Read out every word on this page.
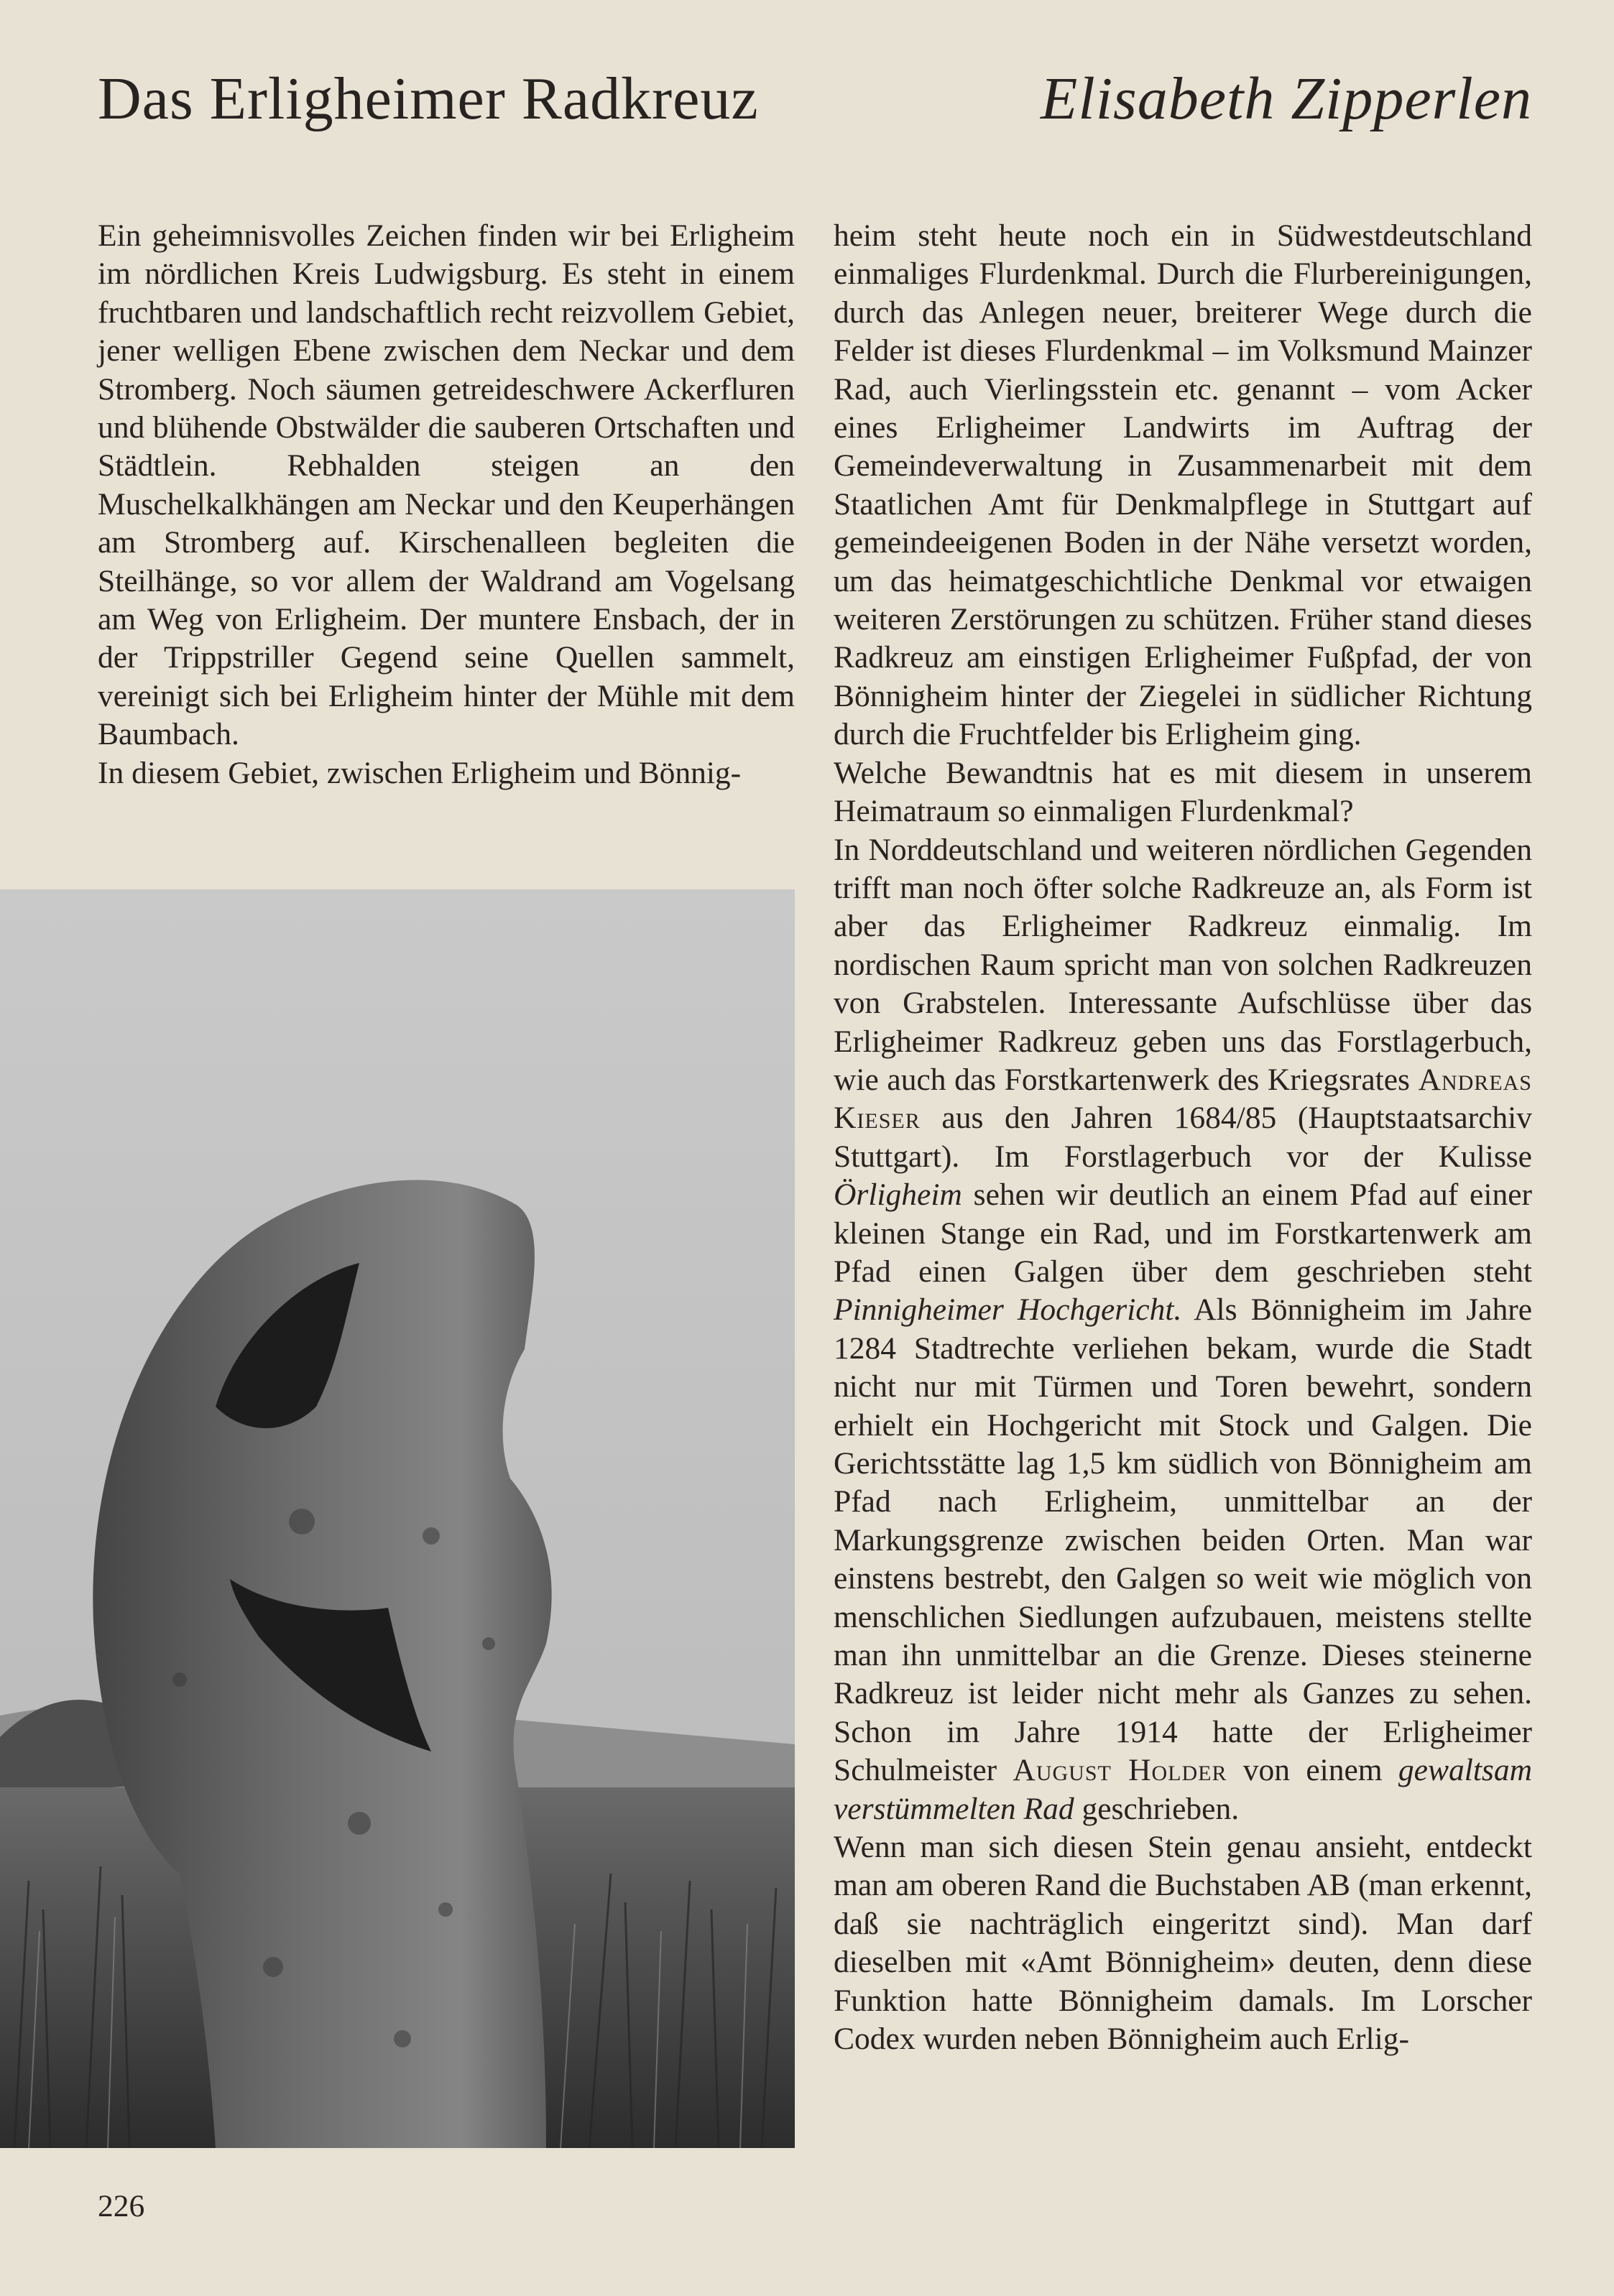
Das Erligheimer Radkreuz	Elisabeth Zipperlen

Ein geheimnisvolles Zeichen finden wir bei Erligheim im nördlichen Kreis Ludwigsburg. Es steht in einem fruchtbaren und landschaftlich recht reizvollem Gebiet, jener welligen Ebene zwischen dem Neckar und dem Stromberg. Noch säumen getreideschwere Ackerfluren und blühende Obstwälder die sauberen Ortschaften und Städtlein. Rebhalden steigen an den Muschelkalkhängen am Neckar und den Keuperhängen am Stromberg auf. Kirschenalleen begleiten die Steilhänge, so vor allem der Waldrand am Vogelsang am Weg von Erligheim. Der muntere Ensbach, der in der Trippstriller Gegend seine Quellen sammelt, vereinigt sich bei Erligheim hinter der Mühle mit dem Baumbach.

In diesem Gebiet, zwischen Erligheim und Bönnig-

heim steht heute noch ein in Südwestdeutschland einmaliges Flurdenkmal. Durch die Flurbereinigungen, durch das Anlegen neuer, breiterer Wege durch die Felder ist dieses Flurdenkmal – im Volksmund Mainzer Rad, auch Vierlingsstein etc. genannt – vom Acker eines Erligheimer Landwirts im Auftrag der Gemeindeverwaltung in Zusammenarbeit mit dem Staatlichen Amt für Denkmalpflege in Stuttgart auf gemeindeeigenen Boden in der Nähe versetzt worden, um das heimatgeschichtliche Denkmal vor etwaigen weiteren Zerstörungen zu schützen. Früher stand dieses Radkreuz am einstigen Erligheimer Fußpfad, der von Bönnigheim hinter der Ziegelei in südlicher Richtung durch die Fruchtfelder bis Erligheim ging.

Welche Bewandtnis hat es mit diesem in unserem Heimatraum so einmaligen Flurdenkmal?

In Norddeutschland und weiteren nördlichen Gegenden trifft man noch öfter solche Radkreuze an, als Form ist aber das Erligheimer Radkreuz einmalig. Im nordischen Raum spricht man von solchen Radkreuzen von Grabstelen. Interessante Aufschlüsse über das Erligheimer Radkreuz geben uns das Forstlagerbuch, wie auch das Forstkartenwerk des Kriegsrates Andreas Kieser aus den Jahren 1684/85 (Hauptstaatsarchiv Stuttgart). Im Forstlagerbuch vor der Kulisse Örligheim sehen wir deutlich an einem Pfad auf einer kleinen Stange ein Rad, und im Forstkartenwerk am Pfad einen Galgen über dem geschrieben steht Pinnigheimer Hochgericht. Als Bönnigheim im Jahre 1284 Stadtrechte verliehen bekam, wurde die Stadt nicht nur mit Türmen und Toren bewehrt, sondern erhielt ein Hochgericht mit Stock und Galgen. Die Gerichtsstätte lag 1,5 km südlich von Bönnigheim am Pfad nach Erligheim, unmittelbar an der Markungsgrenze zwischen beiden Orten. Man war einstens bestrebt, den Galgen so weit wie möglich von menschlichen Siedlungen aufzubauen, meistens stellte man ihn unmittelbar an die Grenze. Dieses steinerne Radkreuz ist leider nicht mehr als Ganzes zu sehen. Schon im Jahre 1914 hatte der Erligheimer Schulmeister August Holder von einem gewaltsam verstümmelten Rad geschrieben.

Wenn man sich diesen Stein genau ansieht, entdeckt man am oberen Rand die Buchstaben AB (man erkennt, daß sie nachträglich eingeritzt sind). Man darf dieselben mit «Amt Bönnigheim» deuten, denn diese Funktion hatte Bönnigheim damals. Im Lorscher Codex wurden neben Bönnigheim auch Erlig-

226
